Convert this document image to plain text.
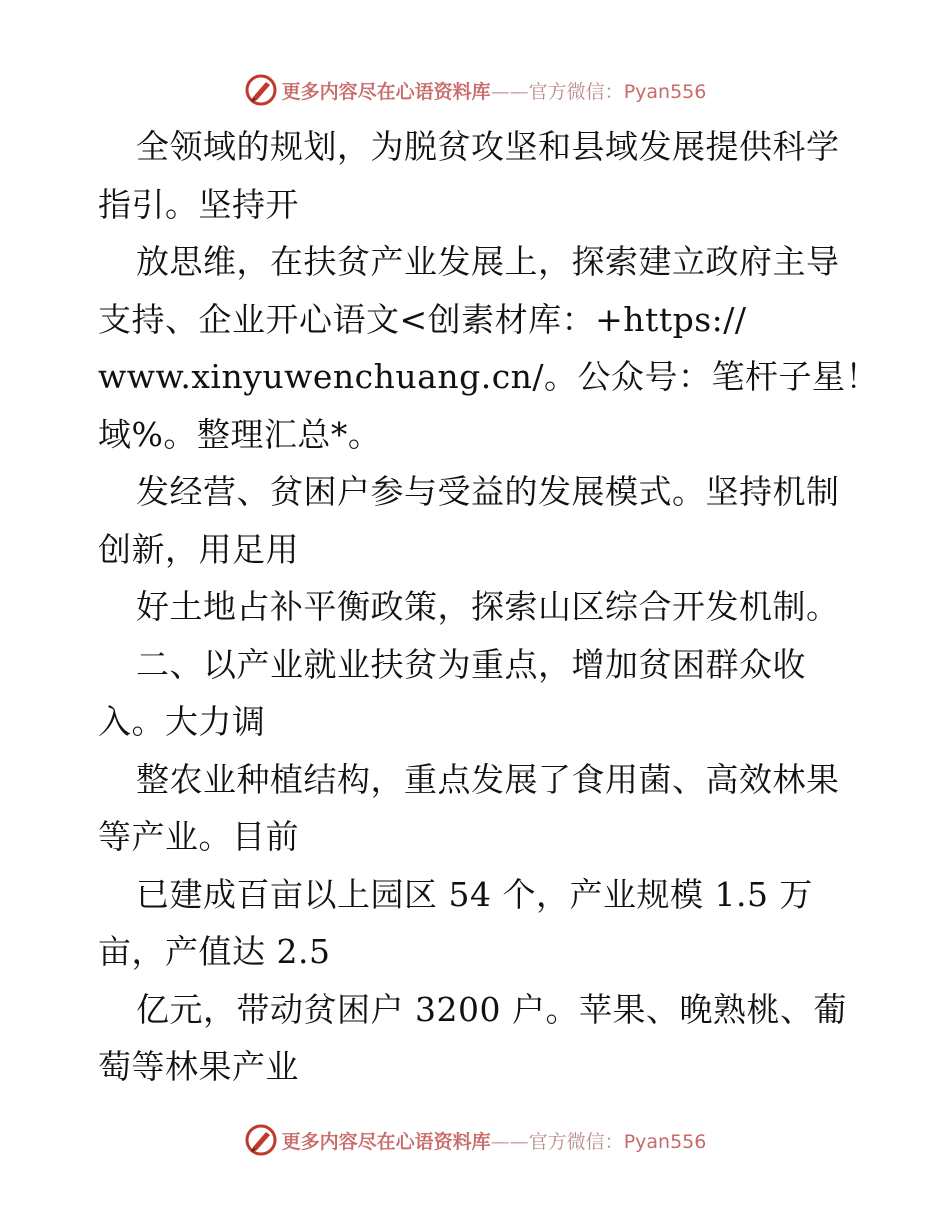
更多内容尽在心语资料库——官方微信：Pyan556
全领域的规划，为脱贫攻坚和县域发展提供科学
指引。坚持开
放思维，在扶贫产业发展上，探索建立政府主导
支持、企业开心语文<创素材库：+https://
www.xinyuwenchuang.cn/。公众号：笔杆子星！
域%。整理汇总*。
发经营、贫困户参与受益的发展模式。坚持机制
创新，用足用
好土地占补平衡政策，探索山区综合开发机制。
二、以产业就业扶贫为重点，增加贫困群众收
入。大力调
整农业种植结构，重点发展了食用菌、高效林果
等产业。目前
已建成百亩以上园区 54 个，产业规模 1.5 万
亩，产值达 2.5
亿元，带动贫困户 3200 户。苹果、晚熟桃、葡
萄等林果产业
更多内容尽在心语资料库——官方微信：Pyan556
